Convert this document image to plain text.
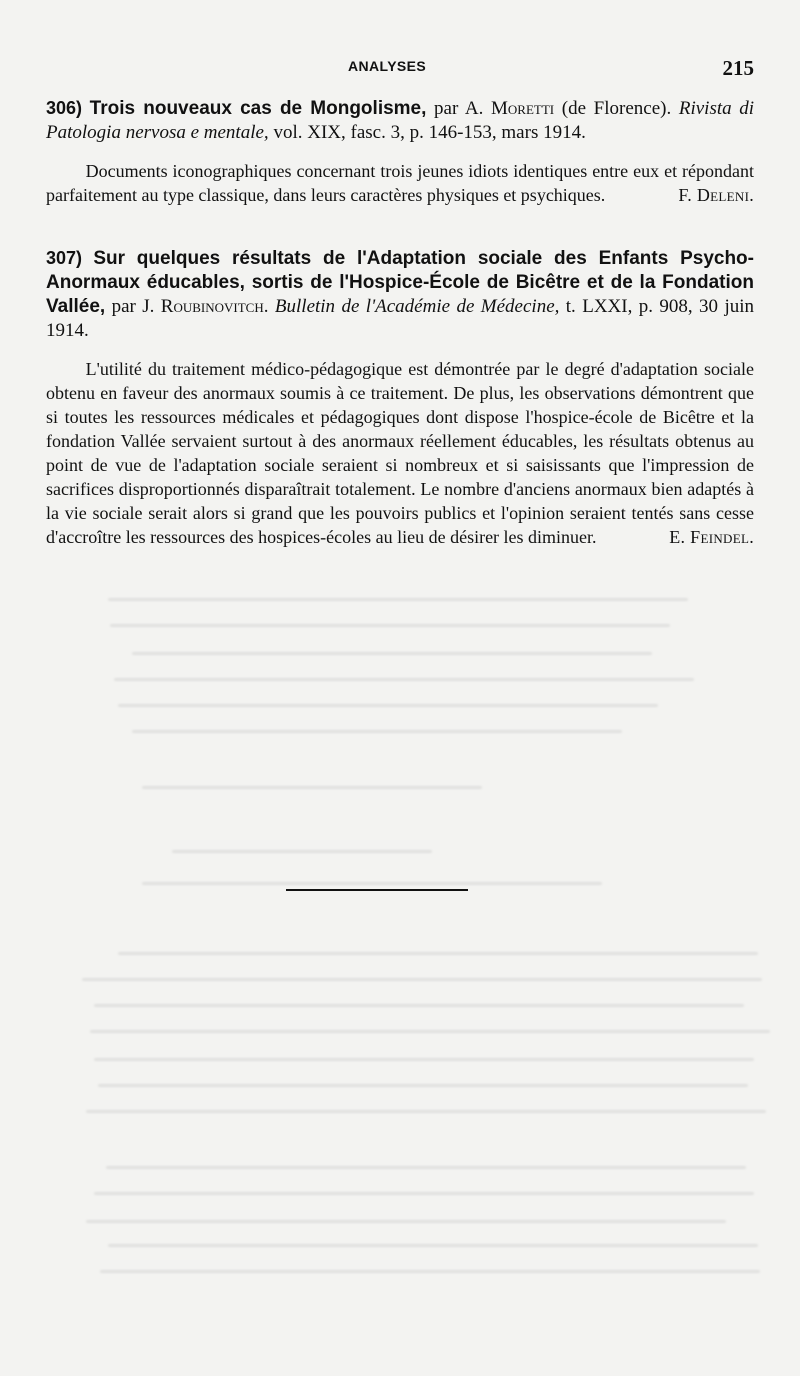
ANALYSES	215
306) Trois nouveaux cas de Mongolisme, par A. Moretti (de Florence). Rivista di Patologia nervosa e mentale, vol. XIX, fasc. 3, p. 146-153, mars 1914.
Documents iconographiques concernant trois jeunes idiots identiques entre eux et répondant parfaitement au type classique, dans leurs caractères physiques et psychiques.	F. Deleni.
307) Sur quelques résultats de l'Adaptation sociale des Enfants Psycho-Anormaux éducables, sortis de l'Hospice-École de Bicêtre et de la Fondation Vallée, par J. Roubinovitch. Bulletin de l'Académie de Médecine, t. LXXI, p. 908, 30 juin 1914.
L'utilité du traitement médico-pédagogique est démontrée par le degré d'adaptation sociale obtenu en faveur des anormaux soumis à ce traitement. De plus, les observations démontrent que si toutes les ressources médicales et pédagogiques dont dispose l'hospice-école de Bicêtre et la fondation Vallée servaient surtout à des anormaux réellement éducables, les résultats obtenus au point de vue de l'adaptation sociale seraient si nombreux et si saisissants que l'impression de sacrifices disproportionnés disparaîtrait totalement. Le nombre d'anciens anormaux bien adaptés à la vie sociale serait alors si grand que les pouvoirs publics et l'opinion seraient tentés sans cesse d'accroître les ressources des hospices-écoles au lieu de désirer les diminuer.	E. Feindel.
